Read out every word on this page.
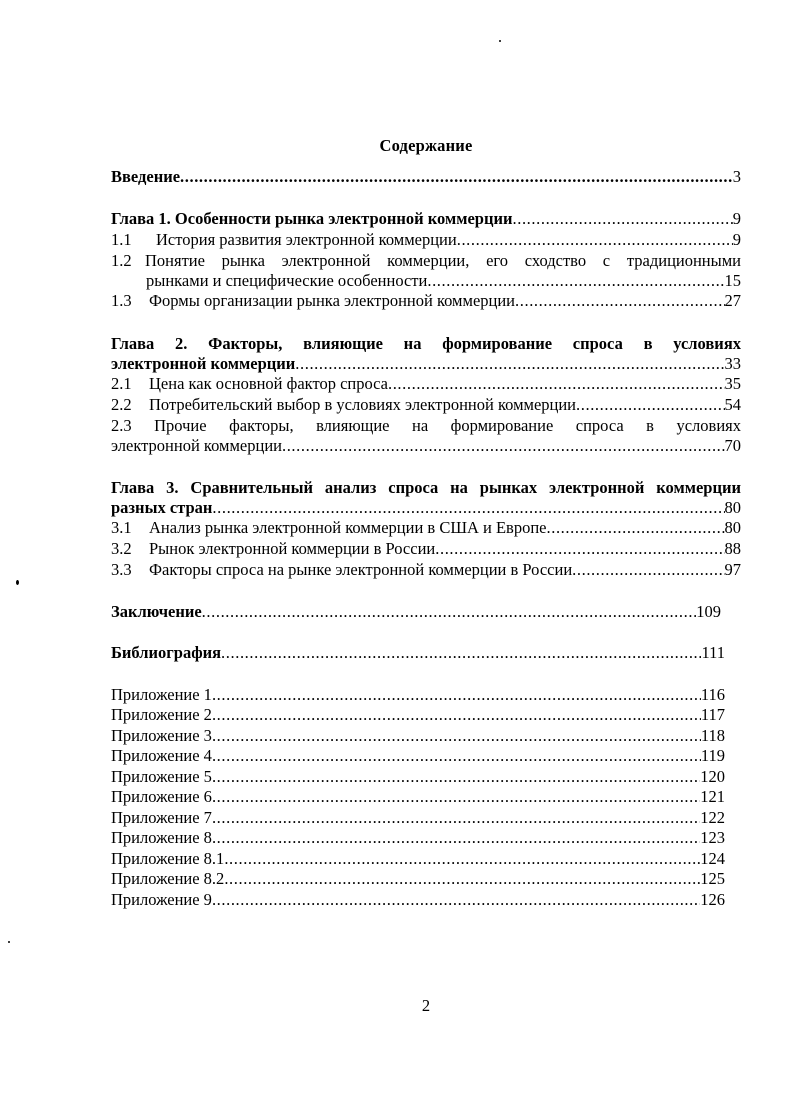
Содержание
Введение .....	3
Глава 1. Особенности рынка электронной коммерции .....	9
1.1 История развития электронной коммерции .....	9
1.2 Понятие рынка электронной коммерции, его сходство с традиционными
рынками и специфические особенности .....	15
1.3 Формы организации рынка электронной коммерции .....	27
Глава 2. Факторы, влияющие на формирование спроса в условиях
электронной коммерции .....	33
2.1 Цена как основной фактор спроса .....	35
2.2 Потребительский выбор в условиях электронной коммерции .....	54
2.3 Прочие факторы, влияющие на формирование спроса в условиях
электронной коммерции .....	70
Глава 3. Сравнительный анализ спроса на рынках электронной коммерции
разных стран .....	80
3.1 Анализ рынка электронной коммерции в США и Европе .....	80
3.2 Рынок электронной коммерции в России .....	88
3.3 Факторы спроса на рынке электронной коммерции в России .....	97
Заключение .....	109
Библиография .....	111
Приложение 1 .....	116
Приложение 2 .....	117
Приложение 3 .....	118
Приложение 4 .....	119
Приложение 5 .....	120
Приложение 6 .....	121
Приложение 7 .....	122
Приложение 8 .....	123
Приложение 8.1 .....	124
Приложение 8.2 .....	125
Приложение 9 .....	126
2
